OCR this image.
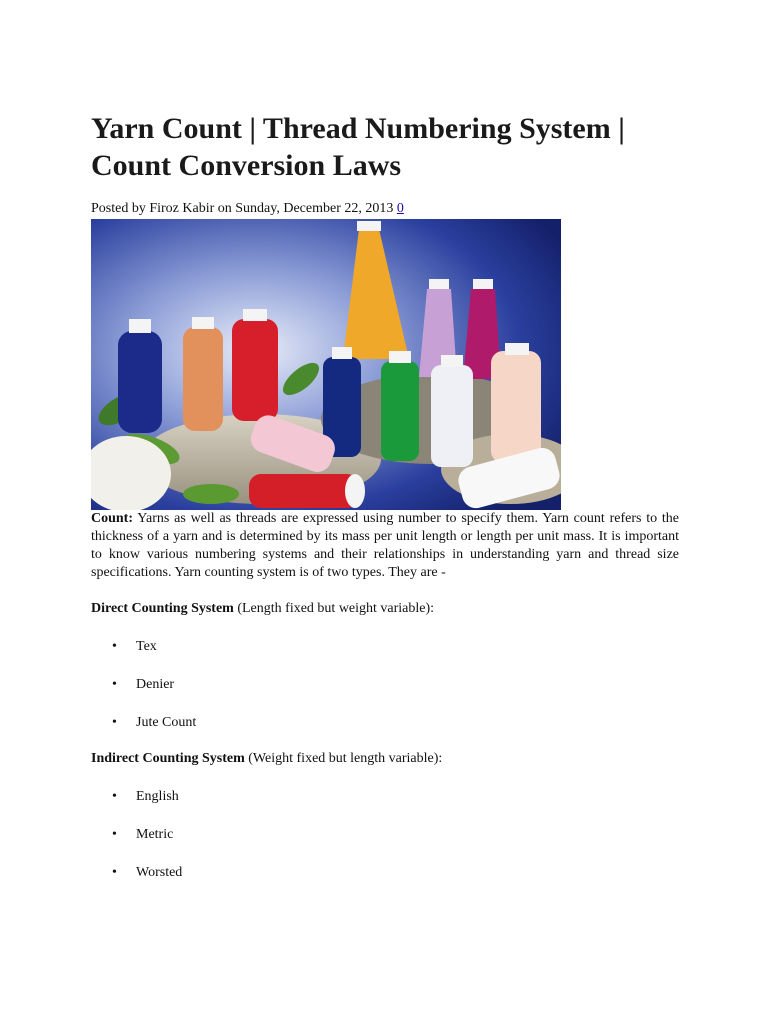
Yarn Count | Thread Numbering System | Count Conversion Laws
Posted by Firoz Kabir on Sunday, December 22, 2013 0

Count: Yarns as well as threads are expressed using number to specify them. Yarn count refers to the thickness of a yarn and is determined by its mass per unit length or length per unit mass. It is important to know various numbering systems and their relationships in understanding yarn and thread size specifications. Yarn counting system is of two types. They are -

Direct Counting System (Length fixed but weight variable):
• Tex
• Denier
• Jute Count
Indirect Counting System (Weight fixed but length variable):
• English
• Metric
• Worsted
